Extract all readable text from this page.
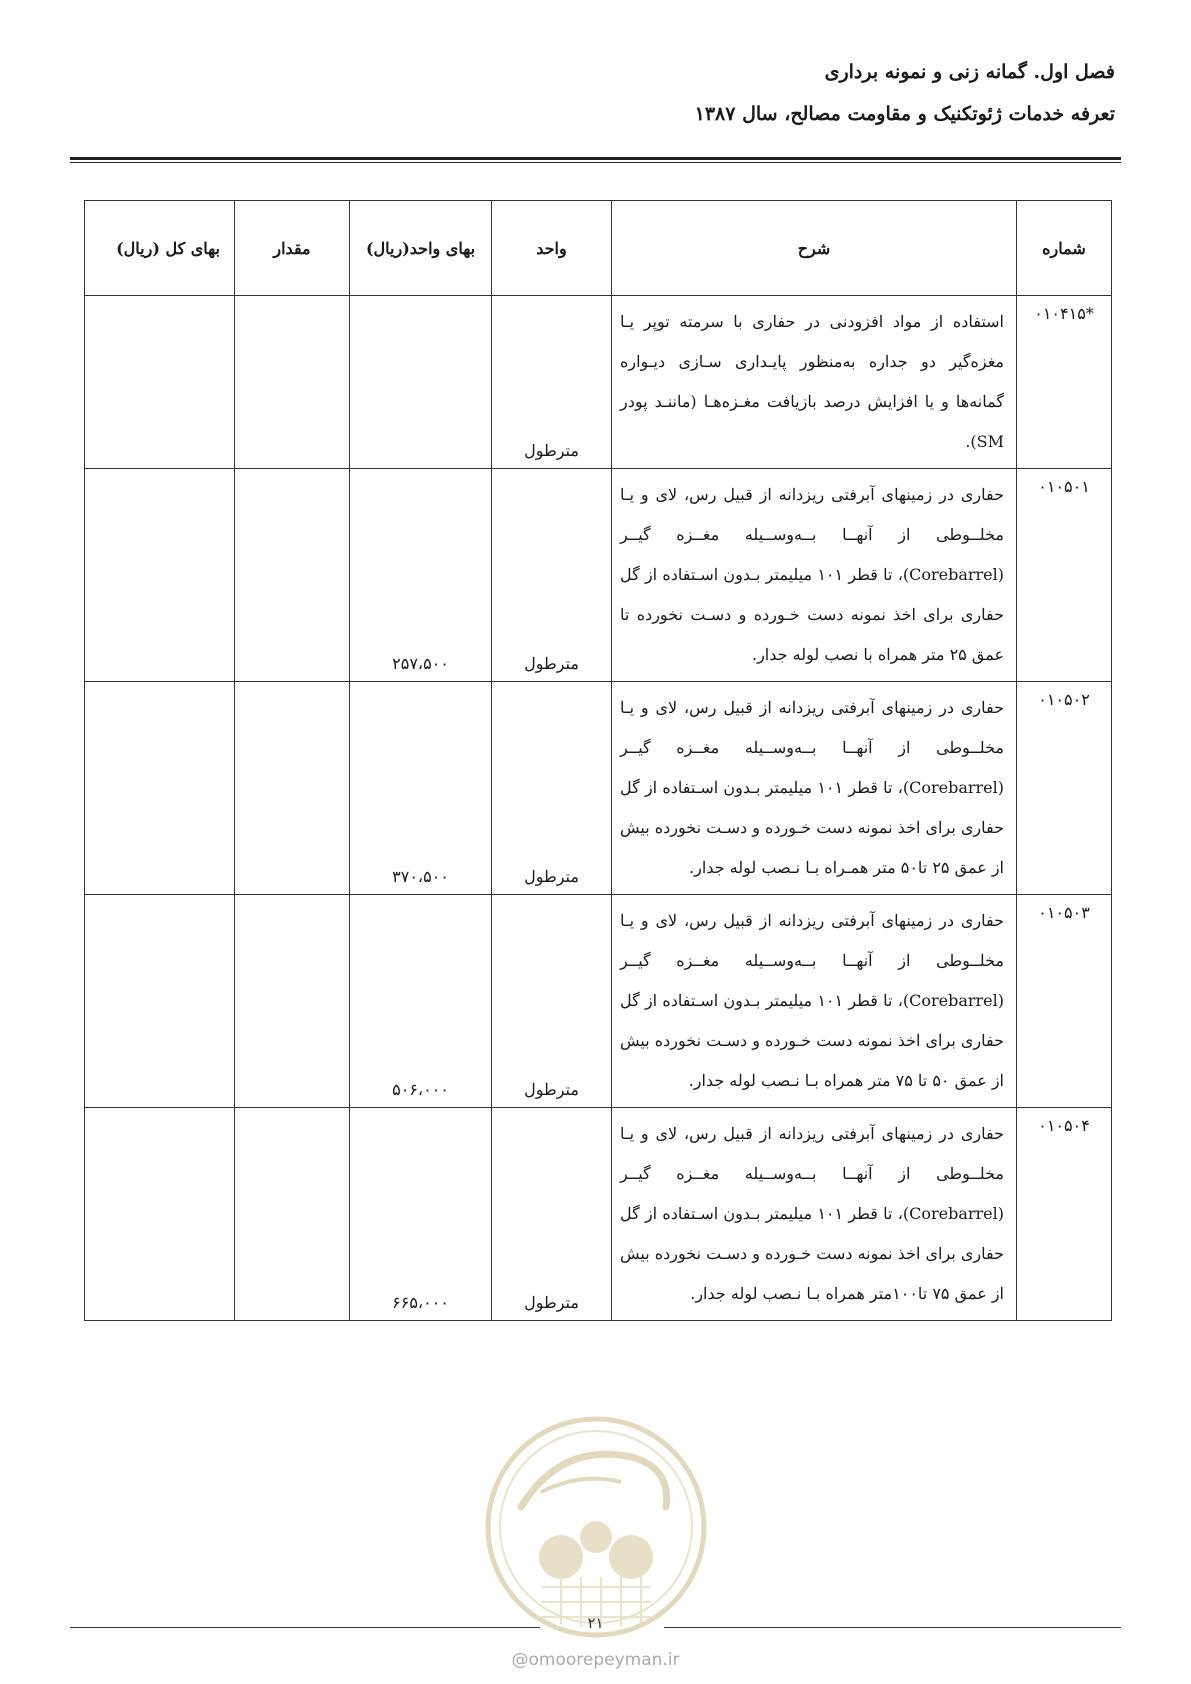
فصل اول. گمانه زنی و نمونه برداری
تعرفه خدمات ژئوتکنیک و مقاومت مصالح، سال ۱۳۸۷
شماره	شرح	واحد	بهای واحد(ریال)	مقدار	بهای کل (ریال)
*۰۱۰۴۱۵	استفاده از مواد افزودنی در حفاری با سرمته توپر یـا مغزه‌گیر دو جداره به‌منظور پایـداری سـازی دیـواره گمانه‌ها و یا افزایش درصد بازیافت مغـزه‌هـا (ماننـد پودر SM).	مترطول			
۰۱۰۵۰۱	حفاری در زمینهای آبرفتی ریزدانه از قبیل رس، لای و یـا مخلــوطی از آنهــا بــه‌وســیله مغــزه گیــر (Corebarrel)، تا قطر ۱۰۱ میلیمتر بـدون اسـتفاده از گل حفاری برای اخذ نمونه دست خـورده و دسـت نخورده تا عمق ۲۵ متر همراه با نصب لوله جدار.	مترطول	۲۵۷،۵۰۰		
۰۱۰۵۰۲	حفاری در زمینهای آبرفتی ریزدانه از قبیل رس، لای و یـا مخلــوطی از آنهــا بــه‌وســیله مغــزه گیــر (Corebarrel)، تا قطر ۱۰۱ میلیمتر بـدون اسـتفاده از گل حفاری برای اخذ نمونه دست خـورده و دسـت نخورده بیش از عمق ۲۵ تا۵۰ متر همـراه بـا نـصب لوله جدار.	مترطول	۳۷۰،۵۰۰		
۰۱۰۵۰۳	حفاری در زمینهای آبرفتی ریزدانه از قبیل رس، لای و یـا مخلــوطی از آنهــا بــه‌وســیله مغــزه گیــر (Corebarrel)، تا قطر ۱۰۱ میلیمتر بـدون اسـتفاده از گل حفاری برای اخذ نمونه دست خـورده و دسـت نخورده بیش از عمق ۵۰ تا ۷۵ متر همراه بـا نـصب لوله جدار.	مترطول	۵۰۶،۰۰۰		
۰۱۰۵۰۴	حفاری در زمینهای آبرفتی ریزدانه از قبیل رس، لای و یـا مخلــوطی از آنهــا بــه‌وســیله مغــزه گیــر (Corebarrel)، تا قطر ۱۰۱ میلیمتر بـدون اسـتفاده از گل حفاری برای اخذ نمونه دست خـورده و دسـت نخورده بیش از عمق ۷۵ تا۱۰۰متر همراه بـا نـصب لوله جدار.	مترطول	۶۶۵،۰۰۰		
۲۱
@omoorepeyman.ir
